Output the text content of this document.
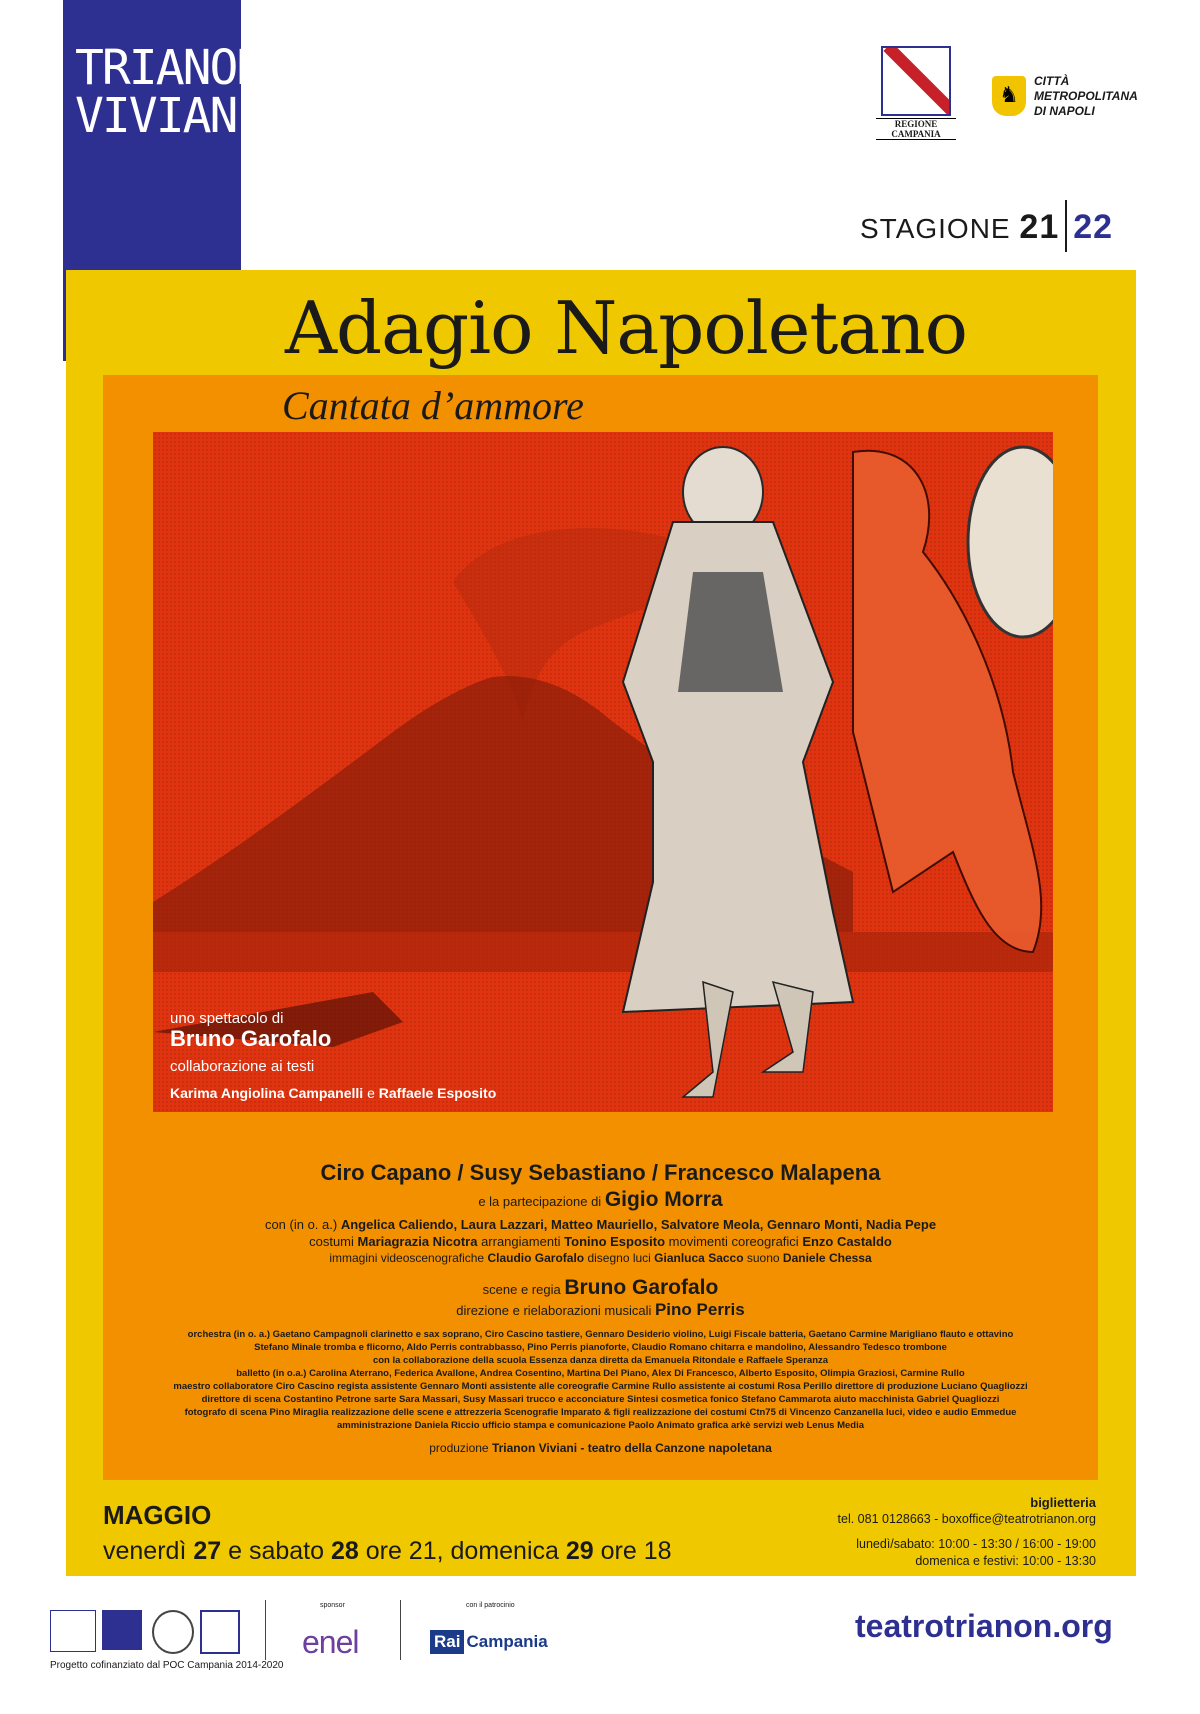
TRIANON
VIVIANI	REGIONE CAMPANIA
♞
CITTÀ
METROPOLITANA
DI NAPOLI
STAGIONE 21 22
Adagio Napoletano
Cantata d’ammore
uno spettacolo di
Bruno Garofalo
collaborazione ai testi
Karima Angiolina Campanelli e Raffaele Esposito
Ciro Capano / Susy Sebastiano / Francesco Malapena
e la partecipazione di Gigio Morra
con (in o. a.) Angelica Caliendo, Laura Lazzari, Matteo Mauriello, Salvatore Meola, Gennaro Monti, Nadia Pepe
costumi Mariagrazia Nicotra arrangiamenti Tonino Esposito movimenti coreografici Enzo Castaldo
immagini videoscenografiche Claudio Garofalo disegno luci Gianluca Sacco suono Daniele Chessa
scene e regia Bruno Garofalo
direzione e rielaborazioni musicali Pino Perris
orchestra (in o. a.) Gaetano Campagnoli clarinetto e sax soprano, Ciro Cascino tastiere, Gennaro Desiderio violino, Luigi Fiscale batteria, Gaetano Carmine Marigliano flauto e ottavino
Stefano Minale tromba e flicorno, Aldo Perris contrabbasso, Pino Perris pianoforte, Claudio Romano chitarra e mandolino, Alessandro Tedesco trombone
con la collaborazione della scuola Essenza danza diretta da Emanuela Ritondale e Raffaele Speranza
balletto (in o.a.) Carolina Aterrano, Federica Avallone, Andrea Cosentino, Martina Del Piano, Alex Di Francesco, Alberto Esposito, Olimpia Graziosi, Carmine Rullo
maestro collaboratore Ciro Cascino regista assistente Gennaro Monti assistente alle coreografie Carmine Rullo assistente ai costumi Rosa Perillo direttore di produzione Luciano Quagliozzi
direttore di scena Costantino Petrone sarte Sara Massari, Susy Massari trucco e acconciature Sintesi cosmetica fonico Stefano Cammarota aiuto macchinista Gabriel Quagliozzi
fotografo di scena Pino Miraglia realizzazione delle scene e attrezzeria Scenografie Imparato & figli realizzazione dei costumi Ctn75 di Vincenzo Canzanella luci, video e audio Emmedue
amministrazione Daniela Riccio ufficio stampa e comunicazione Paolo Animato grafica arkè servizi web Lenus Media
produzione Trianon Viviani - teatro della Canzone napoletana
MAGGIO
venerdì 27 e sabato 28 ore 21, domenica 29 ore 18
biglietteria
tel. 081 0128663 - boxoffice@teatrotrianon.org
lunedì/sabato: 10:00 - 13:30 / 16:00 - 19:00
domenica e festivi: 10:00 - 13:30
Progetto cofinanziato dal POC Campania 2014-2020
sponsor
enel
con il patrocinio
Rai Campania	teatrotrianon.org
